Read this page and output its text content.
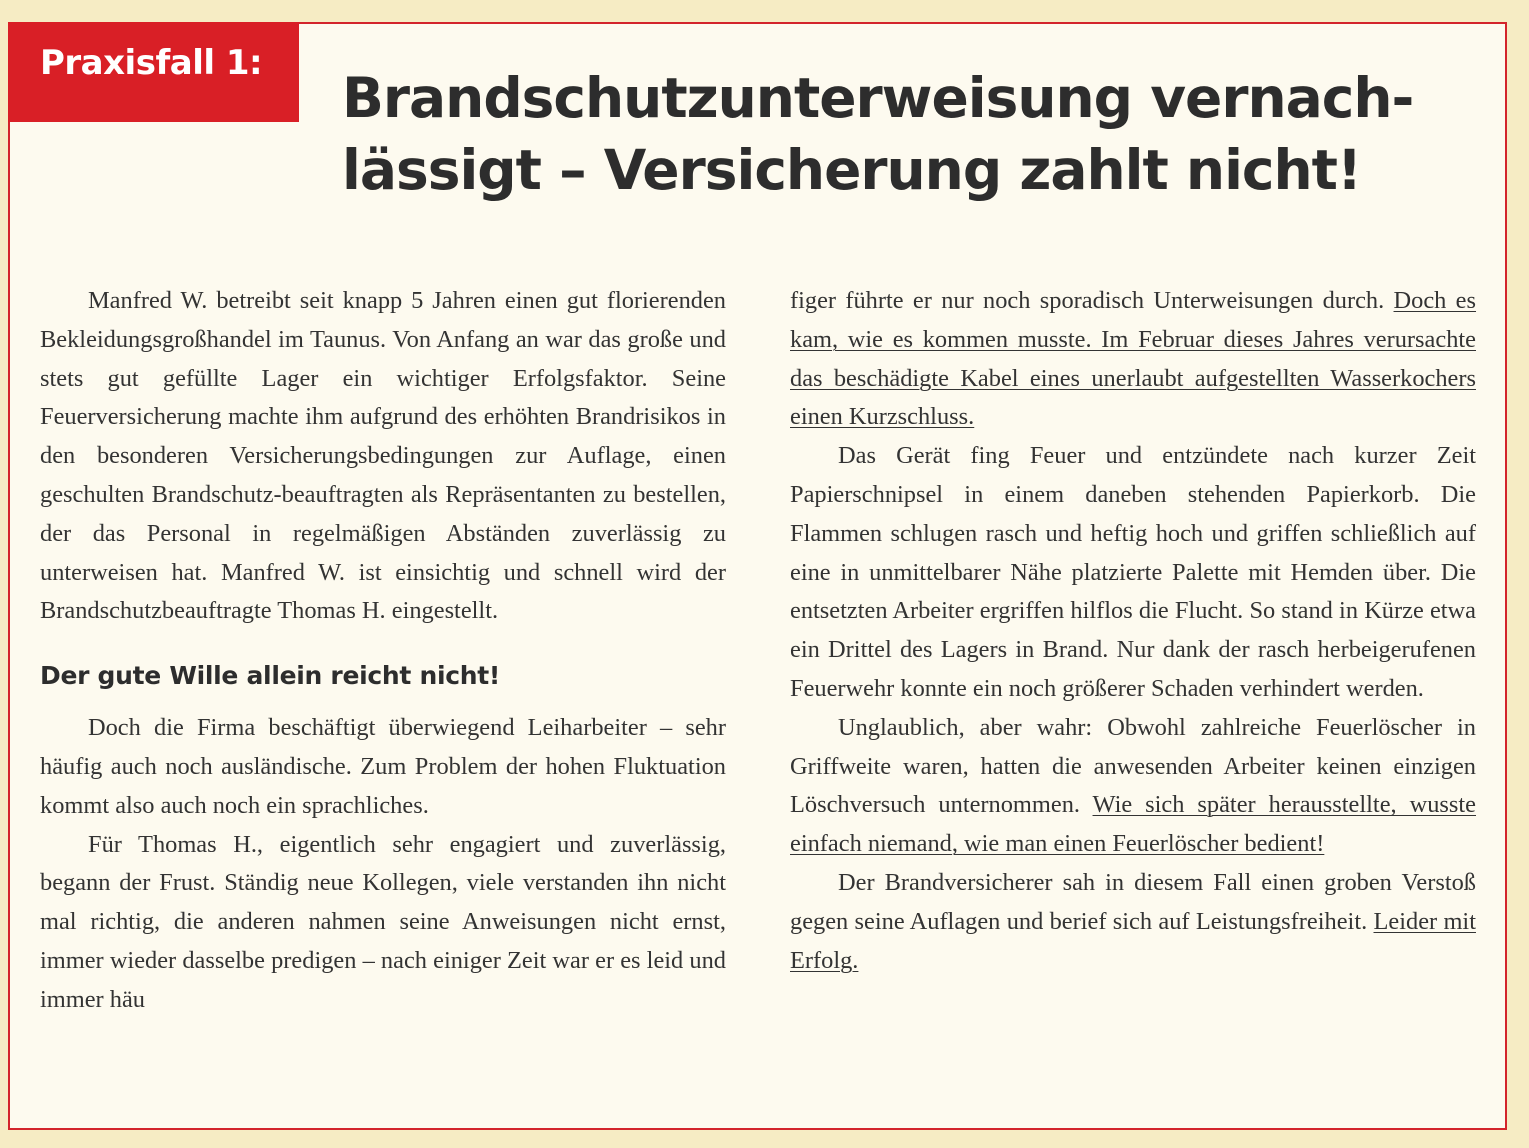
Praxisfall 1:
Brandschutzunterweisung vernachlässigt – Versicherung zahlt nicht!

Manfred W. betreibt seit knapp 5 Jahren einen gut florierenden Bekleidungsgroßhandel im Taunus. Von Anfang an war das große und stets gut gefüllte Lager ein wichtiger Erfolgsfaktor. Seine Feuerversicherung machte ihm aufgrund des erhöhten Brandrisikos in den besonderen Versicherungsbedingungen zur Auflage, einen geschulten Brandschutz-beauftragten als Repräsentanten zu bestellen, der das Personal in regelmäßigen Abständen zuverlässig zu unterweisen hat. Manfred W. ist einsichtig und schnell wird der Brandschutzbeauftragte Thomas H. eingestellt.

Der gute Wille allein reicht nicht!

Doch die Firma beschäftigt überwiegend Leiharbeiter – sehr häufig auch noch ausländische. Zum Problem der hohen Fluktuation kommt also auch noch ein sprachliches.

Für Thomas H., eigentlich sehr engagiert und zuverlässig, begann der Frust. Ständig neue Kollegen, viele verstanden ihn nicht mal richtig, die anderen nahmen seine Anweisungen nicht ernst, immer wieder dasselbe predigen – nach einiger Zeit war er es leid und immer häu

figer führte er nur noch sporadisch Unterweisungen durch. Doch es kam, wie es kommen musste. Im Februar dieses Jahres verursachte das beschädigte Kabel eines unerlaubt aufgestellten Wasserkochers einen Kurzschluss.

Das Gerät fing Feuer und entzündete nach kurzer Zeit Papierschnipsel in einem daneben stehenden Papierkorb. Die Flammen schlugen rasch und heftig hoch und griffen schließlich auf eine in unmittelbarer Nähe platzierte Palette mit Hemden über. Die entsetzten Arbeiter ergriffen hilflos die Flucht. So stand in Kürze etwa ein Drittel des Lagers in Brand. Nur dank der rasch herbeigerufenen Feuerwehr konnte ein noch größerer Schaden verhindert werden.

Unglaublich, aber wahr: Obwohl zahlreiche Feuerlöscher in Griffweite waren, hatten die anwesenden Arbeiter keinen einzigen Löschversuch unternommen. Wie sich später herausstellte, wusste einfach niemand, wie man einen Feuerlöscher bedient!

Der Brandversicherer sah in diesem Fall einen groben Verstoß gegen seine Auflagen und berief sich auf Leistungsfreiheit. Leider mit Erfolg.
